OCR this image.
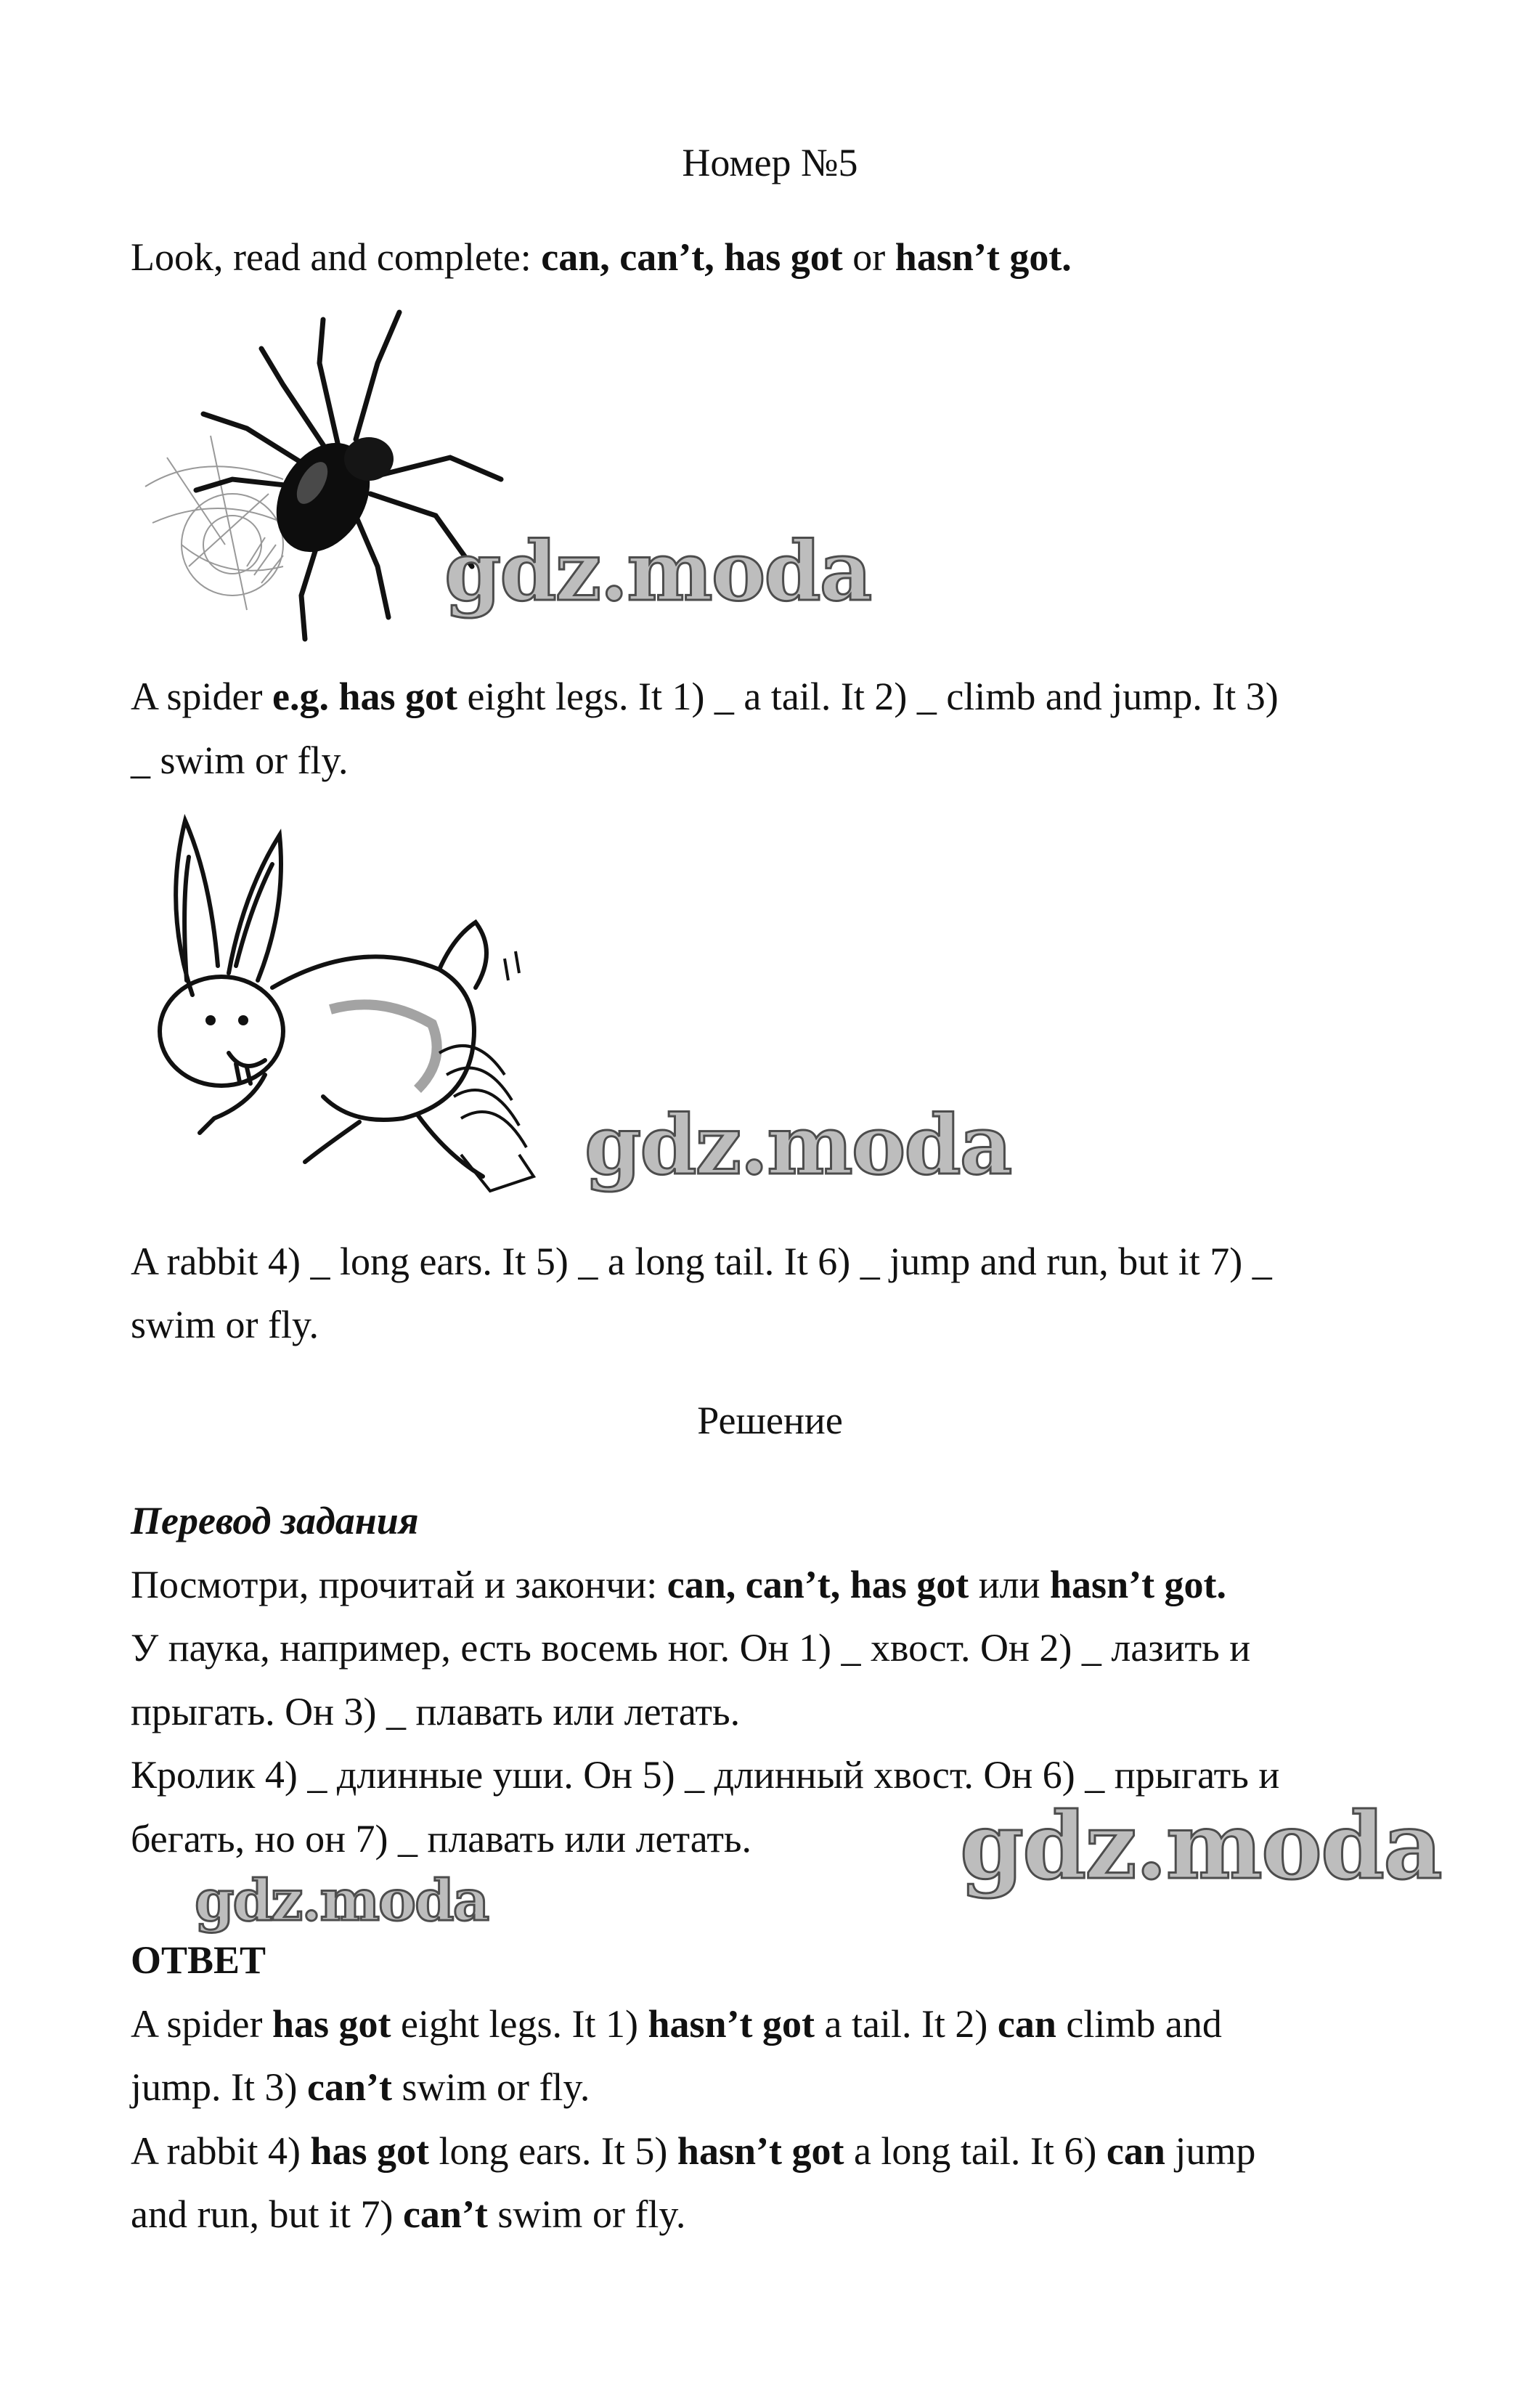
Номер №5
Look, read and complete: can, can’t, has got or hasn’t got.
gdz.moda
A spider e.g. has got eight legs. It 1) _ a tail. It 2) _ climb and jump. It 3)
_ swim or fly.
gdz.moda
A rabbit 4) _ long ears. It 5) _ a long tail. It 6) _ jump and run, but it 7) _
swim or fly.
Решение
Перевод задания
Посмотри, прочитай и закончи: can, can’t, has got или hasn’t got.
У паука, например, есть восемь ног. Он 1) _ хвост. Он 2) _ лазить и
прыгать. Он 3) _ плавать или летать.
Кролик 4) _ длинные уши. Он 5) _ длинный хвост. Он 6) _ прыгать и
бегать, но он 7) _ плавать или летать. gdz.moda
gdz.moda
ОТВЕТ
A spider has got eight legs. It 1) hasn’t got a tail. It 2) can climb and
jump. It 3) can’t swim or fly.
A rabbit 4) has got long ears. It 5) hasn’t got a long tail. It 6) can jump
and run, but it 7) can’t swim or fly.
